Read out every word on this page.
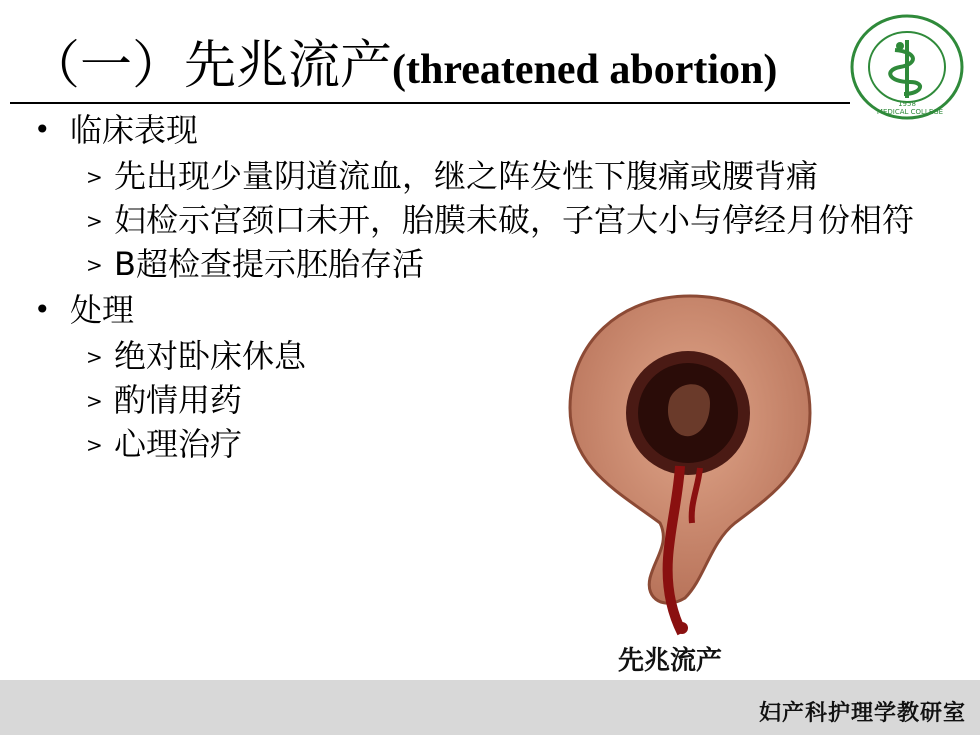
（一）先兆流产(threatened abortion)
1958
MEDICAL COLLEGE
• 临床表现
> 先出现少量阴道流血，继之阵发性下腹痛或腰背痛
> 妇检示宫颈口未开，胎膜未破，子宫大小与停经月份相符
> B超检查提示胚胎存活
• 处理
> 绝对卧床休息
> 酌情用药
> 心理治疗
先兆流产
妇产科护理学教研室
